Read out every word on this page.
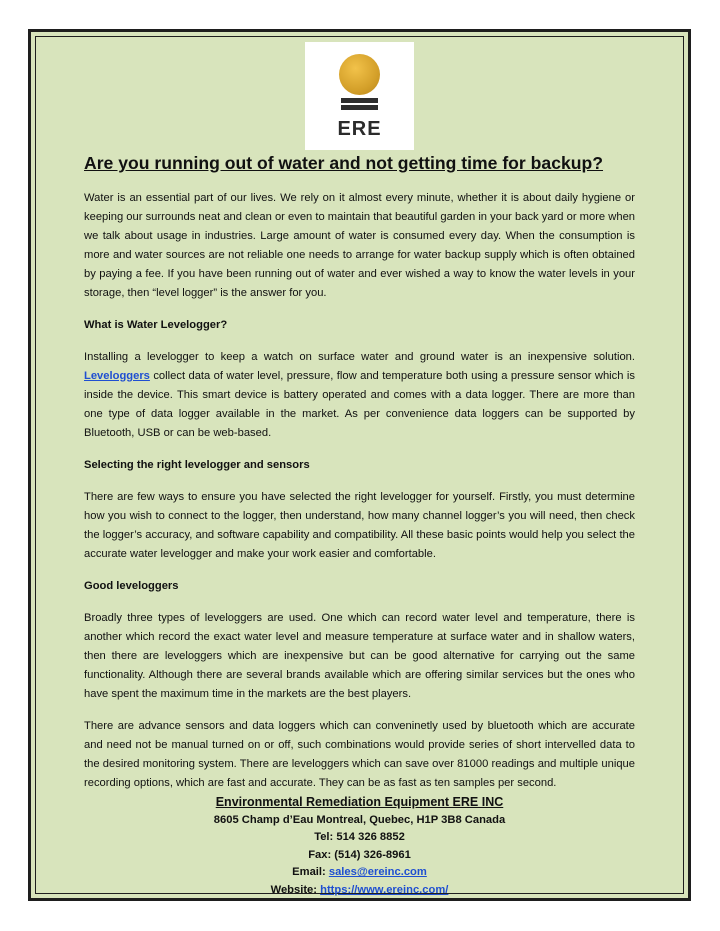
ERE
Are you running out of water and not getting time for backup?

Water is an essential part of our lives. We rely on it almost every minute, whether it is about daily hygiene or keeping our surrounds neat and clean or even to maintain that beautiful garden in your back yard or more when we talk about usage in industries. Large amount of water is consumed every day. When the consumption is more and water sources are not reliable one needs to arrange for water backup supply which is often obtained by paying a fee. If you have been running out of water and ever wished a way to know the water levels in your storage, then “level logger” is the answer for you.

What is Water Levelogger?

Installing a levelogger to keep a watch on surface water and ground water is an inexpensive solution. Leveloggers collect data of water level, pressure, flow and temperature both using a pressure sensor which is inside the device. This smart device is battery operated and comes with a data logger. There are more than one type of data logger available in the market. As per convenience data loggers can be supported by Bluetooth, USB or can be web-based.

Selecting the right levelogger and sensors

There are few ways to ensure you have selected the right levelogger for yourself. Firstly, you must determine how you wish to connect to the logger, then understand, how many channel logger’s you will need, then check the logger’s accuracy, and software capability and compatibility. All these basic points would help you select the accurate water levelogger and make your work easier and comfortable.

Good leveloggers

Broadly three types of leveloggers are used. One which can record water level and temperature, there is another which record the exact water level and measure temperature at surface water and in shallow waters, then there are leveloggers which are inexpensive but can be good alternative for carrying out the same functionality. Although there are several brands available which are offering similar services but the ones who have spent the maximum time in the markets are the best players.

There are advance sensors and data loggers which can conveninetly used by bluetooth which are accurate and need not be manual turned on or off, such combinations would provide series of short intervelled data to the desired monitoring system. There are leveloggers which can save over 81000 readings and multiple unique recording options, which are fast and accurate. They can be as fast as ten samples per second.

Environmental Remediation Equipment ERE INC
8605 Champ d’Eau Montreal, Quebec, H1P 3B8 Canada
Tel: 514 326 8852
Fax: (514) 326-8961
Email: sales@ereinc.com
Website: https://www.ereinc.com/
